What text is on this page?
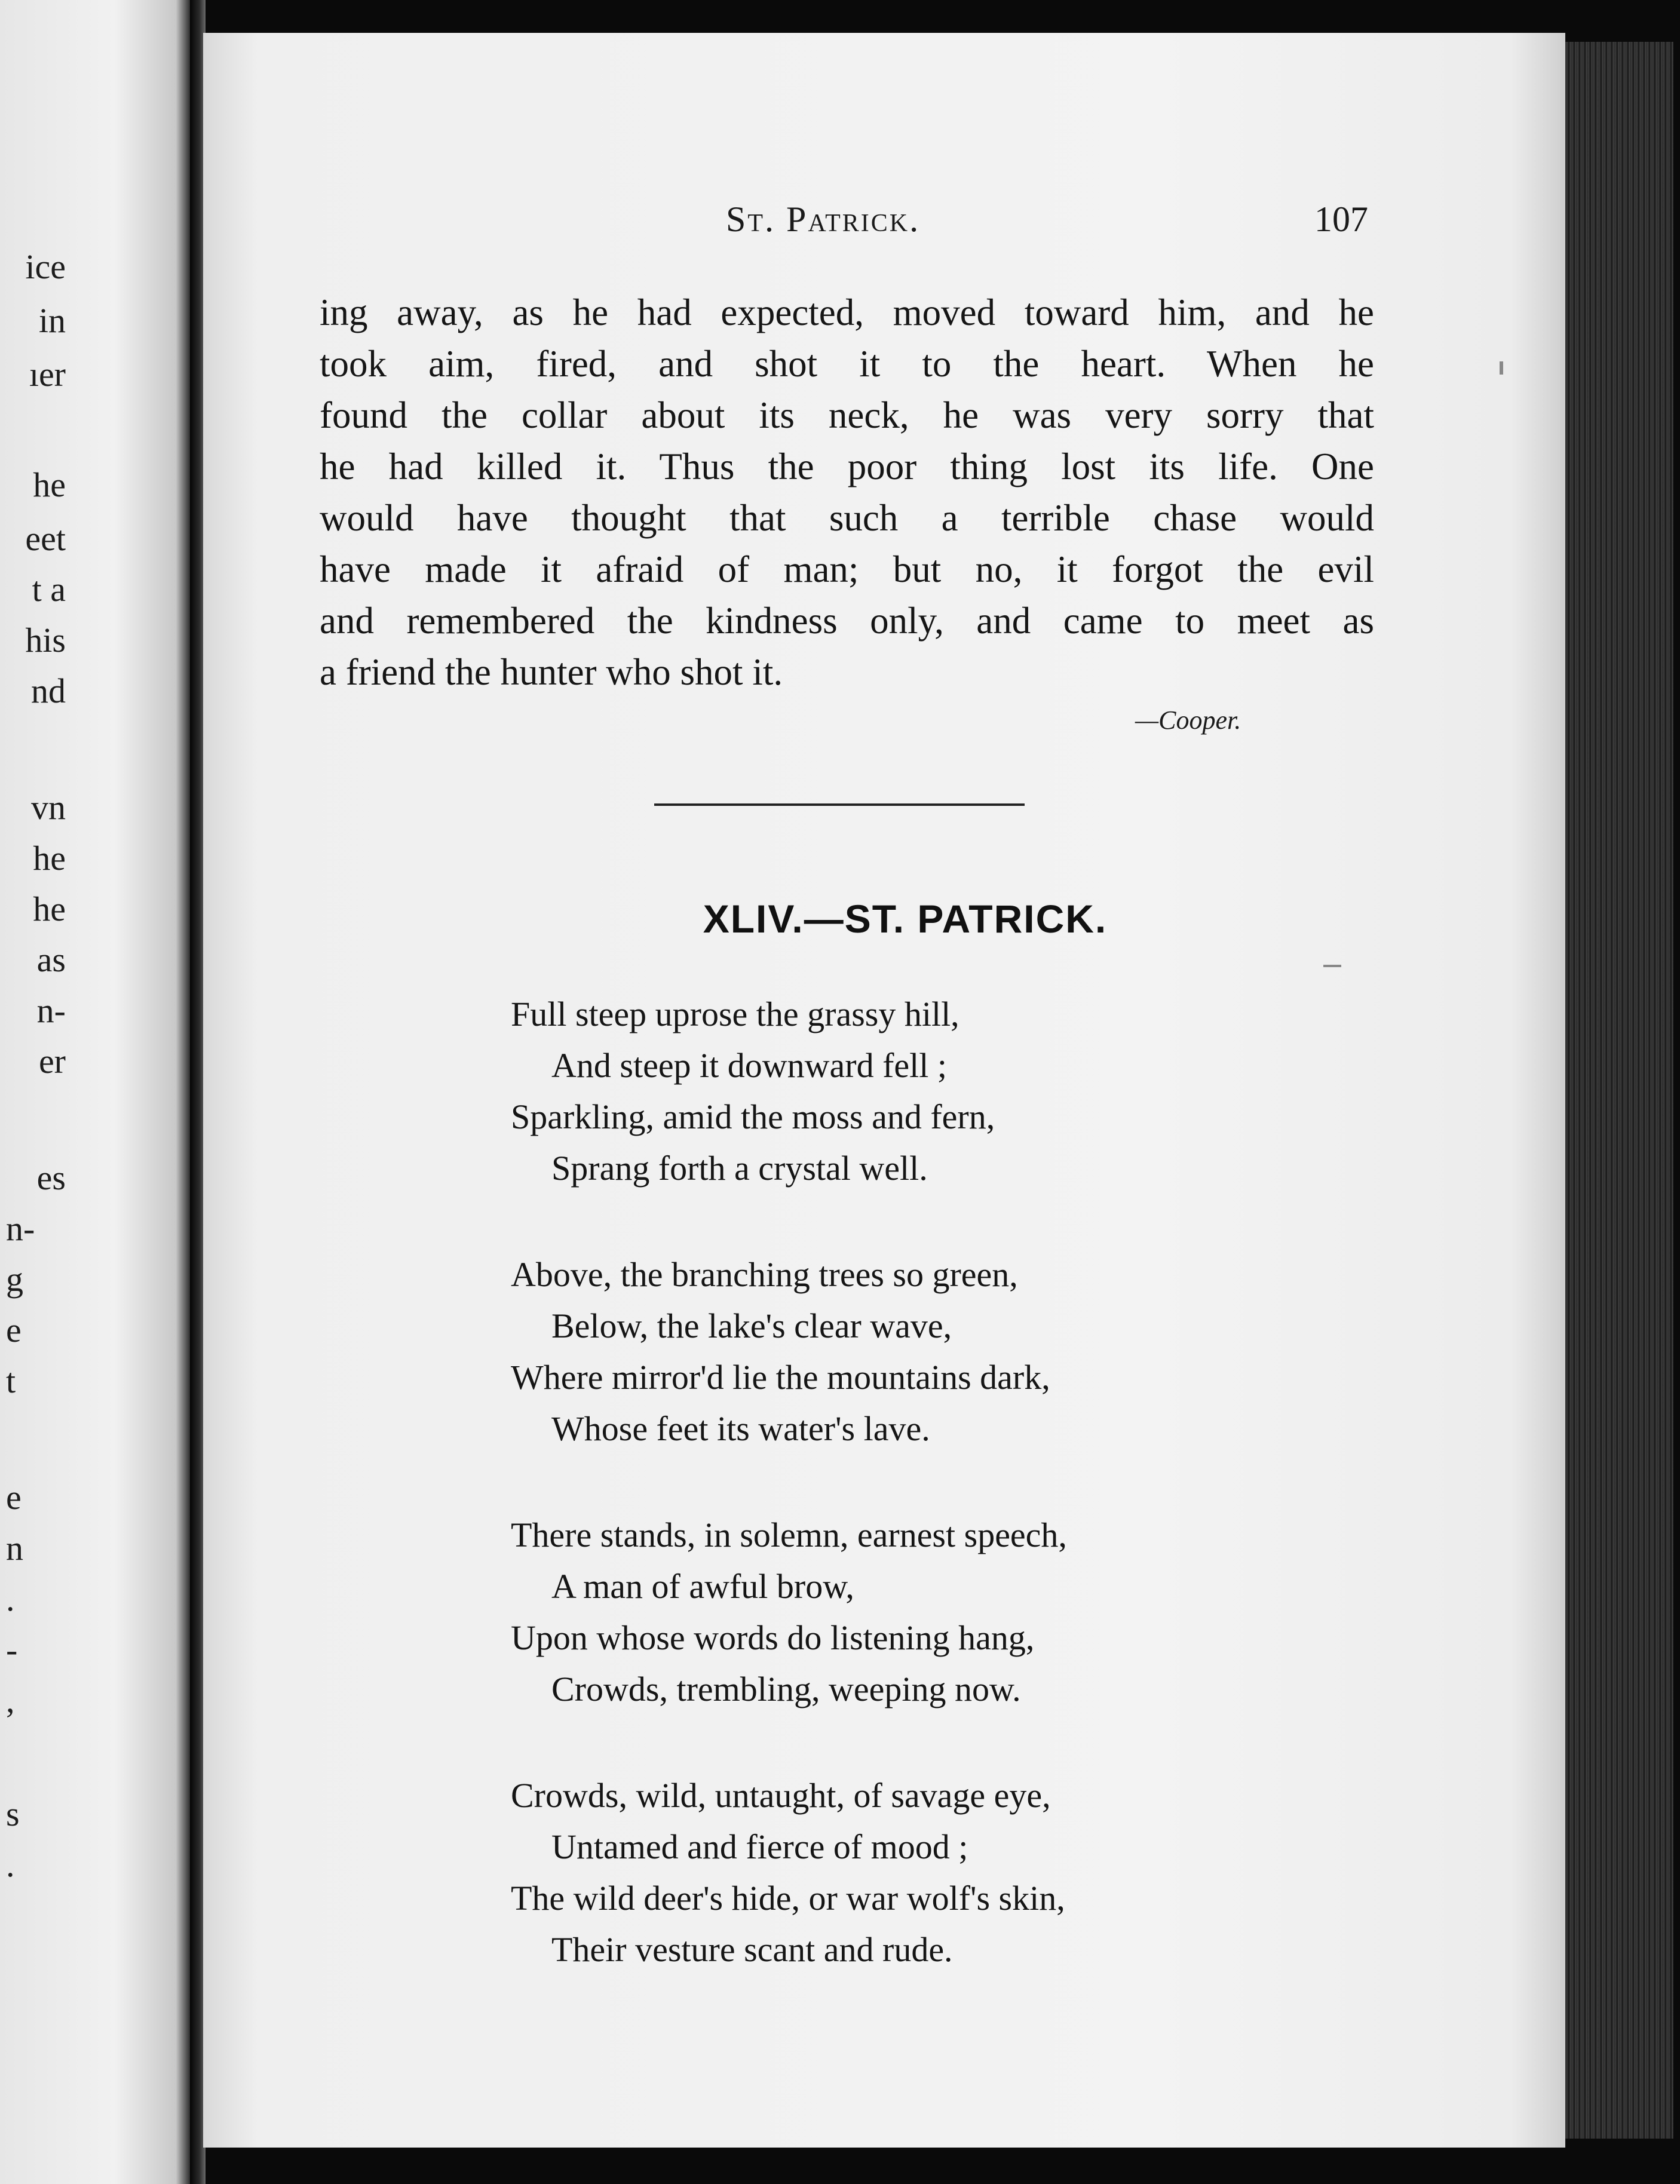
ice
in
ıer
he
eet
t a
his
nd
vn
he
he
as
n-
er
es
n-
g
e
t
e
n
.
-
,
s
.
St. Patrick.	107
ing away, as he had expected, moved toward him, and he
took aim, fired, and shot it to the heart. When he
found the collar about its neck, he was very sorry that
he had killed it. Thus the poor thing lost its life. One
would have thought that such a terrible chase would
have made it afraid of man; but no, it forgot the evil
and remembered the kindness only, and came to meet as
a friend the hunter who shot it.
—Cooper.
XLIV.—ST. PATRICK.
Full steep uprose the grassy hill,
And steep it downward fell ;
Sparkling, amid the moss and fern,
Sprang forth a crystal well.
Above, the branching trees so green,
Below, the lake's clear wave,
Where mirror'd lie the mountains dark,
Whose feet its water's lave.
There stands, in solemn, earnest speech,
A man of awful brow,
Upon whose words do listening hang,
Crowds, trembling, weeping now.
Crowds, wild, untaught, of savage eye,
Untamed and fierce of mood ;
The wild deer's hide, or war wolf's skin,
Their vesture scant and rude.
